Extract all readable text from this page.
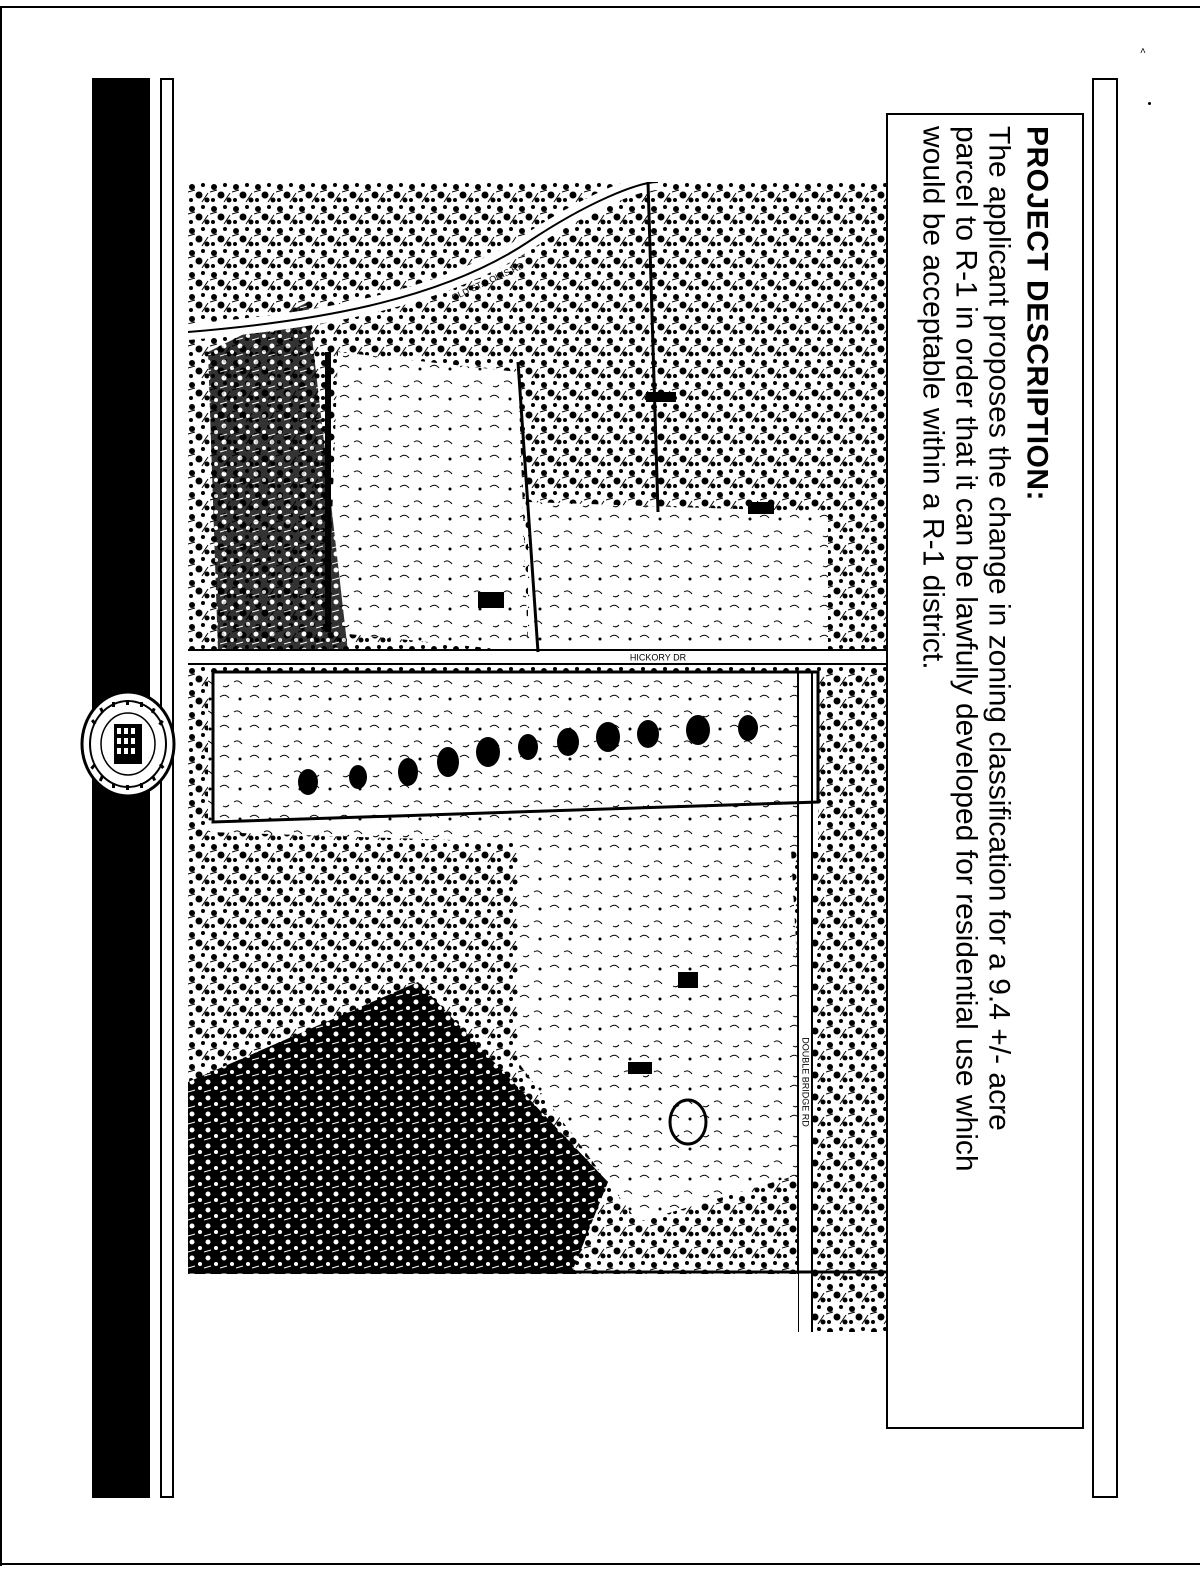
˄
HICKORY DR
OLD ST. LOUIS RD
DOUBLE BRIDGE RD

PROJECT DESCRIPTION:

The applicant proposes the change in zoning classification for a 9.4 +/- acre

parcel to R-1 in order that it can be lawfully developed for residential use which

would be acceptable within a R-1 district.
